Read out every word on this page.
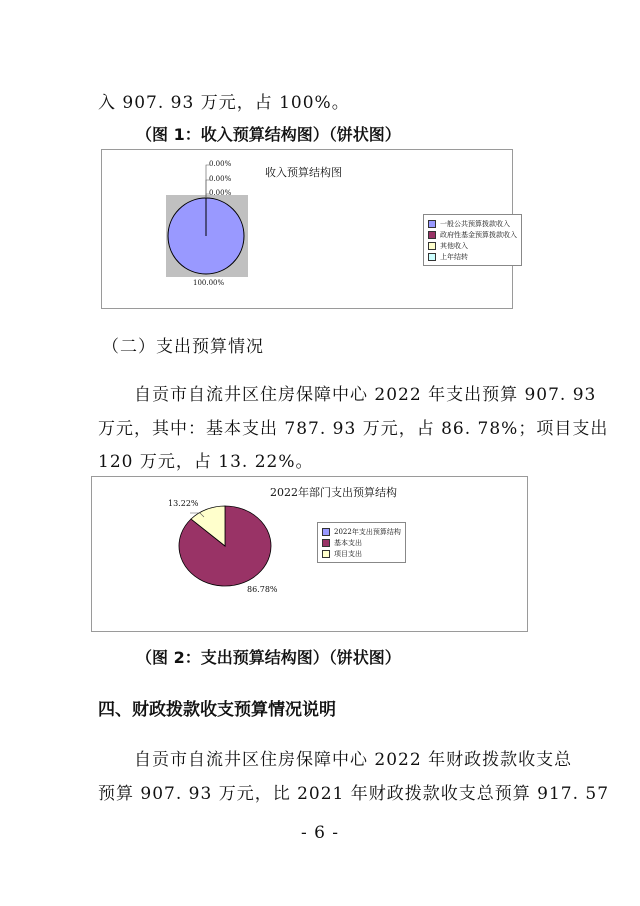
入 907. 93 万元，占 100%。
（图 1：收入预算结构图）（饼状图）
收入预算结构图
0.00%
0.00%
0.00%
100.00%
一般公共预算拨款收入
政府性基金预算拨款收入
其他收入
上年结转
（二）支出预算情况
自贡市自流井区住房保障中心 2022 年支出预算 907. 93
万元，其中：基本支出 787. 93 万元，占 86. 78%；项目支出
120 万元，占 13. 22%。
2022年部门支出预算结构
13.22%
86.78%
2022年支出预算结构
基本支出
项目支出
（图 2：支出预算结构图）（饼状图）
四、财政拨款收支预算情况说明
自贡市自流井区住房保障中心 2022 年财政拨款收支总
预算 907. 93 万元，比 2021 年财政拨款收支总预算 917. 57
- 6 -
